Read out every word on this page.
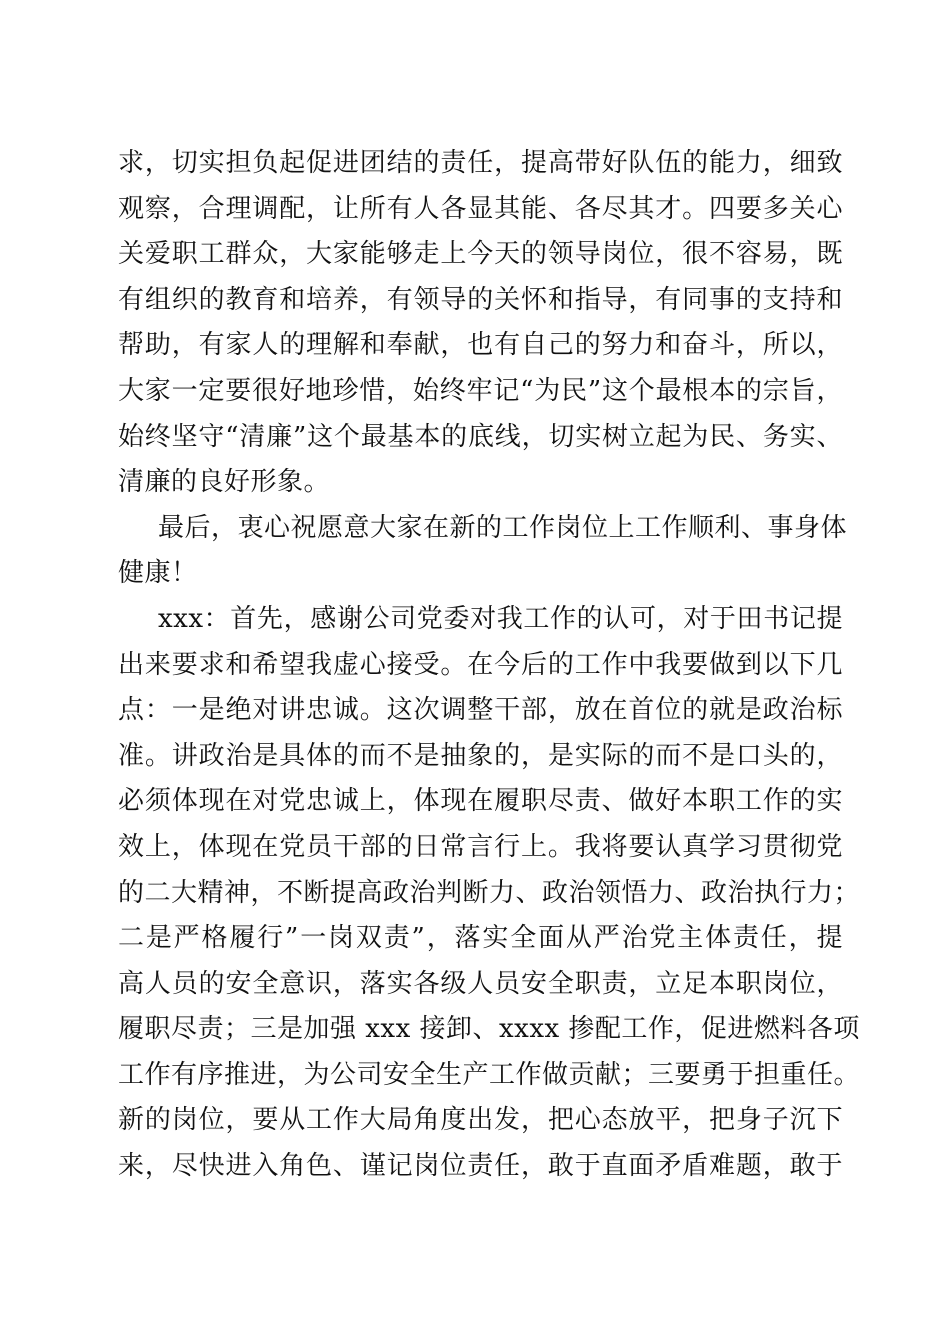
求，切实担负起促进团结的责任，提高带好队伍的能力，细致
观察，合理调配，让所有人各显其能、各尽其才。四要多关心
关爱职工群众，大家能够走上今天的领导岗位，很不容易，既
有组织的教育和培养，有领导的关怀和指导，有同事的支持和
帮助，有家人的理解和奉献，也有自己的努力和奋斗，所以，
大家一定要很好地珍惜，始终牢记“为民”这个最根本的宗旨，
始终坚守“清廉”这个最基本的底线，切实树立起为民、务实、
清廉的良好形象。
最后，衷心祝愿意大家在新的工作岗位上工作顺利、事身体
健康！
xxx：首先，感谢公司党委对我工作的认可，对于田书记提
出来要求和希望我虚心接受。在今后的工作中我要做到以下几
点：一是绝对讲忠诚。这次调整干部，放在首位的就是政治标
准。讲政治是具体的而不是抽象的，是实际的而不是口头的，
必须体现在对党忠诚上，体现在履职尽责、做好本职工作的实
效上，体现在党员干部的日常言行上。我将要认真学习贯彻党
的二大精神，不断提高政治判断力、政治领悟力、政治执行力；
二是严格履行”一岗双责”，落实全面从严治党主体责任，提
高人员的安全意识，落实各级人员安全职责，立足本职岗位，
履职尽责；三是加强 xxx 接卸、xxxx 掺配工作，促进燃料各项
工作有序推进，为公司安全生产工作做贡献；三要勇于担重任。
新的岗位，要从工作大局角度出发，把心态放平，把身子沉下
来，尽快进入角色、谨记岗位责任，敢于直面矛盾难题，敢于
